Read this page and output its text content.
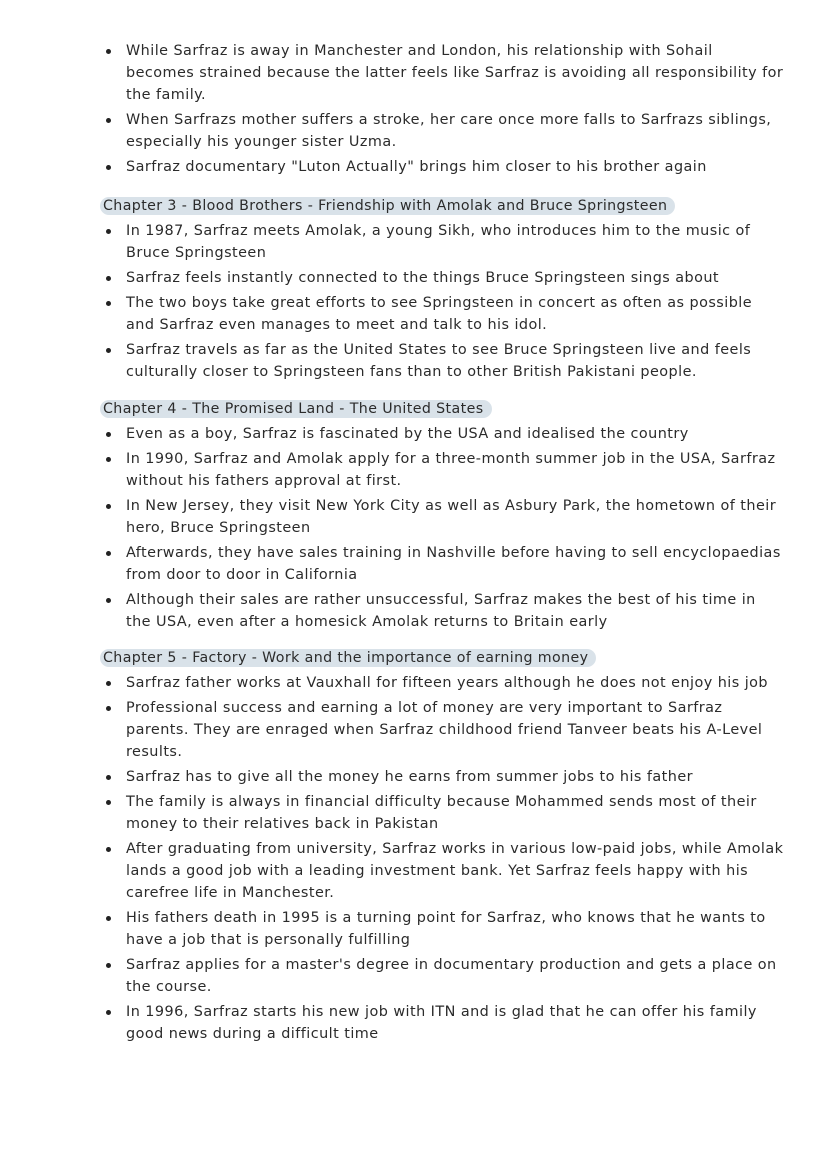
While Sarfraz is away in Manchester and London, his relationship with Sohail becomes strained because the latter feels like Sarfraz is avoiding all responsibility for the family.
When Sarfrazs mother suffers a stroke, her care once more falls to Sarfrazs siblings, especially his younger sister Uzma.
Sarfraz documentary "Luton Actually" brings him closer to his brother again
Chapter 3 - Blood Brothers - Friendship with Amolak and Bruce Springsteen
In 1987, Sarfraz meets Amolak, a young Sikh, who introduces him to the music of Bruce Springsteen
Sarfraz feels instantly connected to the things Bruce Springsteen sings about
The two boys take great efforts to see Springsteen in concert as often as possible and Sarfraz even manages to meet and talk to his idol.
Sarfraz travels as far as the United States to see Bruce Springsteen live and feels culturally closer to Springsteen fans than to other British Pakistani people.
Chapter 4 - The Promised Land - The United States
Even as a boy, Sarfraz is fascinated by the USA and idealised the country
In 1990, Sarfraz and Amolak apply for a three-month summer job in the USA, Sarfraz without his fathers approval at first.
In New Jersey, they visit New York City as well as Asbury Park, the hometown of their hero, Bruce Springsteen
Afterwards, they have sales training in Nashville before having to sell encyclopaedias from door to door in California
Although their sales are rather unsuccessful, Sarfraz makes the best of his time in the USA, even after a homesick Amolak returns to Britain early
Chapter 5 - Factory - Work and the importance of earning money
Sarfraz father works at Vauxhall for fifteen years although he does not enjoy his job
Professional success and earning a lot of money are very important to Sarfraz parents. They are enraged when Sarfraz childhood friend Tanveer beats his A-Level results.
Sarfraz has to give all the money he earns from summer jobs to his father
The family is always in financial difficulty because Mohammed sends most of their money to their relatives back in Pakistan
After graduating from university, Sarfraz works in various low-paid jobs, while Amolak lands a good job with a leading investment bank. Yet Sarfraz feels happy with his carefree life in Manchester.
His fathers death in 1995 is a turning point for Sarfraz, who knows that he wants to have a job that is personally fulfilling
Sarfraz applies for a master's degree in documentary production and gets a place on the course.
In 1996, Sarfraz starts his new job with ITN and is glad that he can offer his family good news during a difficult time
